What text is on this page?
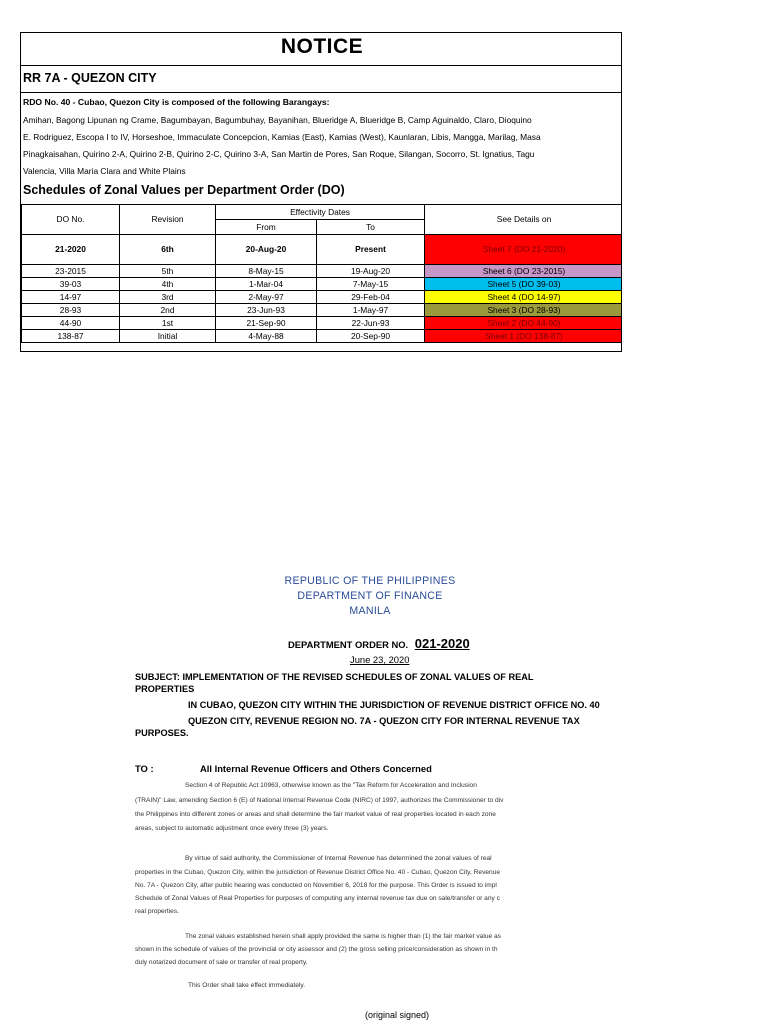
NOTICE
RR 7A - QUEZON CITY
RDO No. 40 - Cubao, Quezon City is composed of the following Barangays:
Amihan, Bagong Lipunan ng Crame, Bagumbayan, Bagumbuhay, Bayanihan, Blueridge A, Blueridge B, Camp Aguinaldo, Claro, Dioquino
E. Rodriguez, Escopa I to IV, Horseshoe, Immaculate Concepcion, Kamias (East), Kamias (West), Kaunlaran, Libis, Mangga, Marilag, Masa
Pinagkaisahan, Quirino 2-A, Quirino 2-B, Quirino 2-C, Quirino 3-A, San Martin de Pores, San Roque, Silangan, Socorro, St. Ignatius, Tagu
Valencia, Villa Maria Clara and White Plains
Schedules of Zonal Values per Department Order (DO)
DO No.	Revision	Effectivity Dates		See Details on
		From	To	
21-2020	6th	20-Aug-20	Present	Sheet 7 (DO 21-2020)
23-2015	5th	8-May-15	19-Aug-20	Sheet 6 (DO 23-2015)
39-03	4th	1-Mar-04	7-May-15	Sheet 5 (DO 39-03)
14-97	3rd	2-May-97	29-Feb-04	Sheet 4 (DO 14-97)
28-93	2nd	23-Jun-93	1-May-97	Sheet 3 (DO 28-93)
44-90	1st	21-Sep-90	22-Jun-93	Sheet 2 (DO 44-90)
138-87	Initial	4-May-88	20-Sep-90	Sheet 1 (DO 138-87)
REPUBLIC OF THE PHILIPPINES
DEPARTMENT OF FINANCE
MANILA
DEPARTMENT ORDER NO. 021-2020
June 23, 2020
SUBJECT: IMPLEMENTATION OF THE REVISED SCHEDULES OF ZONAL VALUES OF REAL
PROPERTIES
IN CUBAO, QUEZON CITY WITHIN THE JURISDICTION OF REVENUE DISTRICT OFFICE NO. 40
QUEZON CITY, REVENUE REGION NO. 7A - QUEZON CITY FOR INTERNAL REVENUE TAX
PURPOSES.
TO :	All Internal Revenue Officers and Others Concerned
Section 4 of Republic Act 10963, otherwise known as the "Tax Reform for Acceleration and Inclusion
(TRAIN)" Law, amending Section 6 (E) of National Internal Revenue Code (NIRC) of 1997, authorizes the Commissioner to div
the Philippines into different zones or areas and shall determine the fair market value of real properties located in each zone
areas, subject to automatic adjustment once every three (3) years.
By virtue of said authority, the Commissioner of Internal Revenue has determined the zonal values of real
properties in the Cubao, Quezon City, within the jurisdiction of Revenue District Office No. 40 - Cubao, Quezon City, Revenue
No. 7A - Quezon City, after public hearing was conducted on November 6, 2018 for the purpose. This Order is issued to impl
Schedule of Zonal Values of Real Properties for purposes of computing any internal revenue tax due on sale/transfer or any c
real properties.
The zonal values established herein shall apply provided the same is higher than (1) the fair market value as
shown in the schedule of values of the provincial or city assessor and (2) the gross selling price/consideration as shown in th
duly notarized document of sale or transfer of real property.
This Order shall take effect immediately.
(original signed)
